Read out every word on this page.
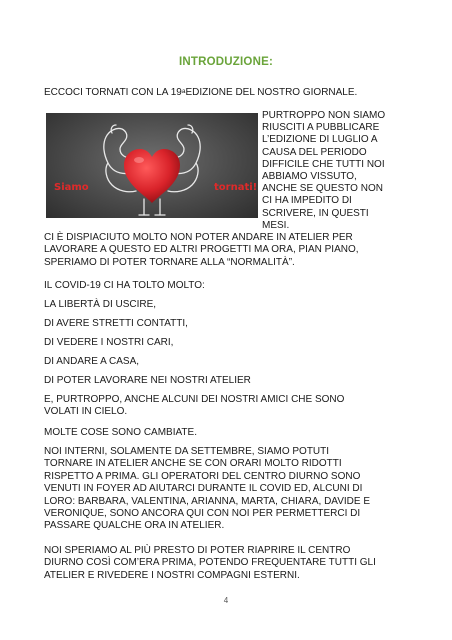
INTRODUZIONE:

ECCOCI TORNATI CON LA 19$^a$EDIZIONE DEL NOSTRO GIORNALE.

Siamo	tornati!

PURTROPPO NON SIAMO RIUSCITI A PUBBLICARE L’EDIZIONE DI LUGLIO A CAUSA DEL PERIODO DIFFICILE CHE TUTTI NOI ABBIAMO VISSUTO, ANCHE SE QUESTO NON CI HA IMPEDITO DI SCRIVERE, IN QUESTI MESI.

CI È DISPIACIUTO MOLTO NON POTER ANDARE IN ATELIER PER LAVORARE A QUESTO ED ALTRI PROGETTI MA ORA, PIAN PIANO, SPERIAMO DI POTER TORNARE ALLA “NORMALITÀ”.

IL COVID-19 CI HA TOLTO MOLTO:

LA LIBERTÀ DI USCIRE,

DI AVERE STRETTI CONTATTI,

DI VEDERE I NOSTRI CARI,

DI ANDARE A CASA,

DI POTER LAVORARE NEI NOSTRI ATELIER

E, PURTROPPO, ANCHE ALCUNI DEI NOSTRI AMICI CHE SONO VOLATI IN CIELO.

MOLTE COSE SONO CAMBIATE.

NOI INTERNI, SOLAMENTE DA SETTEMBRE, SIAMO POTUTI TORNARE IN ATELIER ANCHE SE CON ORARI MOLTO RIDOTTI RISPETTO A PRIMA. GLI OPERATORI DEL CENTRO DIURNO SONO VENUTI IN FOYER AD AIUTARCI DURANTE IL COVID ED, ALCUNI DI LORO: BARBARA, VALENTINA, ARIANNA, MARTA, CHIARA, DAVIDE E VERONIQUE, SONO ANCORA QUI CON NOI PER PERMETTERCI DI PASSARE QUALCHE ORA IN ATELIER.

NOI SPERIAMO AL PIÙ PRESTO DI POTER RIAPRIRE IL CENTRO DIURNO COSÌ COM’ERA PRIMA, POTENDO FREQUENTARE TUTTI GLI ATELIER E RIVEDERE I NOSTRI COMPAGNI ESTERNI.

4
